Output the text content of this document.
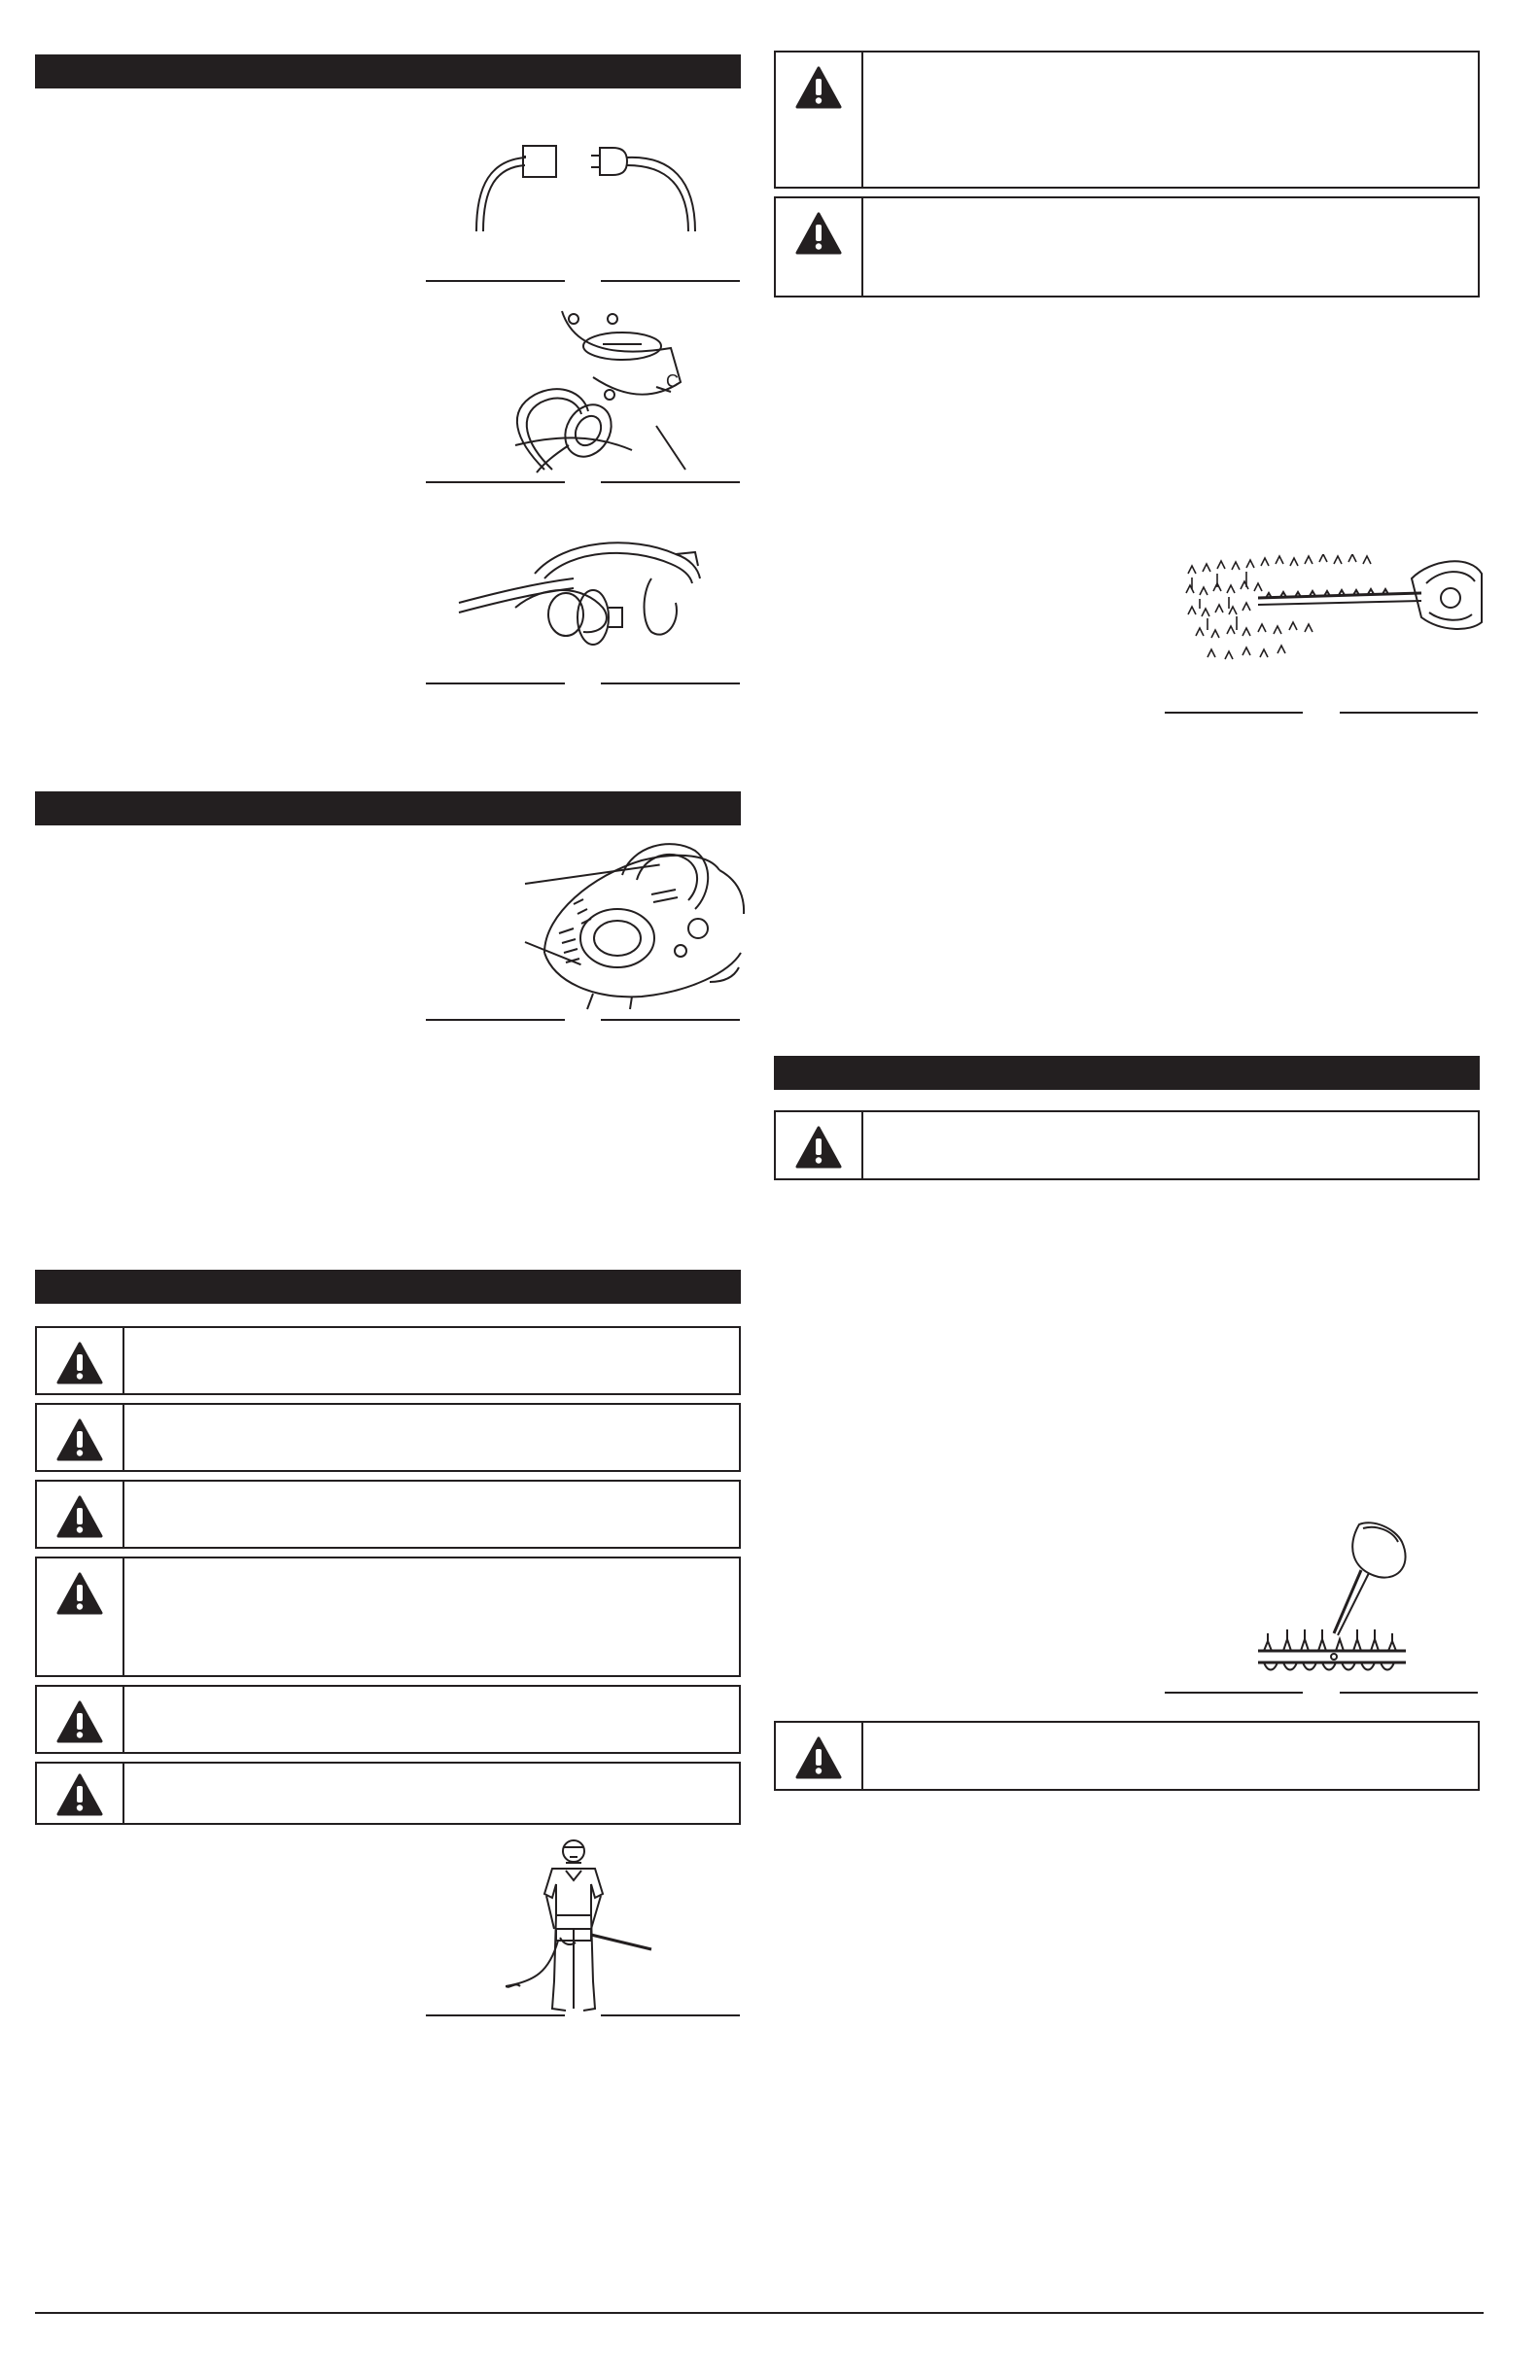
C
